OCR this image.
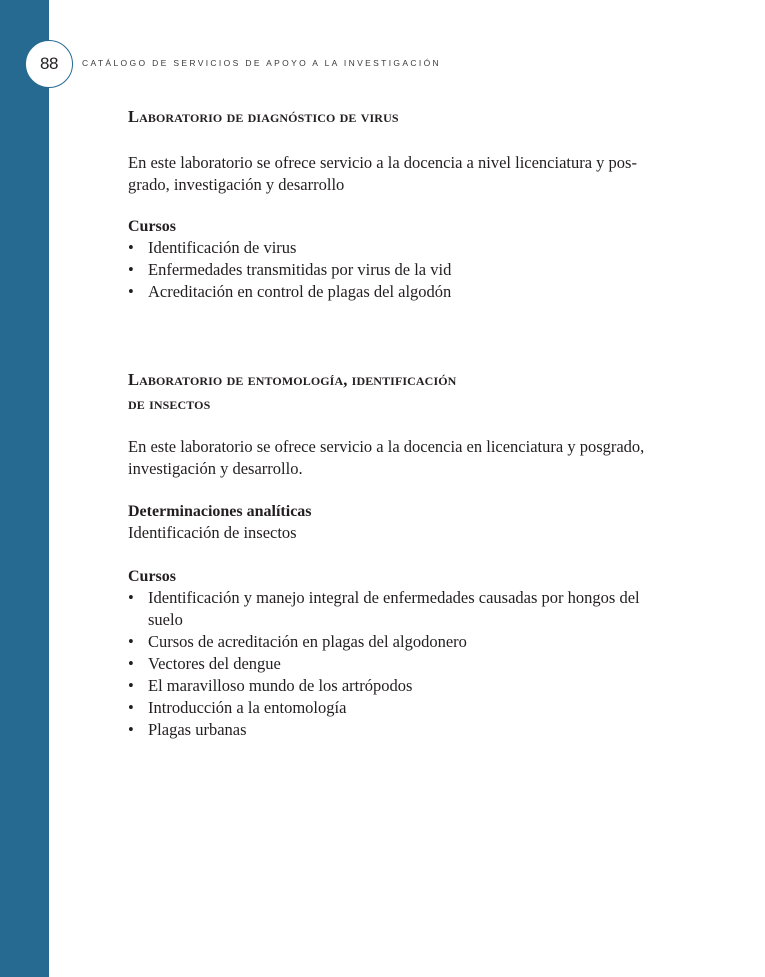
88	CATÁLOGO DE SERVICIOS DE APOYO A LA INVESTIGACIÓN
Laboratorio de diagnóstico de virus

En este laboratorio se ofrece servicio a la docencia a nivel licenciatura y pos-
grado, investigación y desarrollo

Cursos

• Identificación de virus
• Enfermedades transmitidas por virus de la vid
• Acreditación en control de plagas del algodón
Laboratorio de entomología, identificación
de insectos

En este laboratorio se ofrece servicio a la docencia en licenciatura y posgrado,
investigación y desarrollo.

Determinaciones analíticas

Identificación de insectos

Cursos

• Identificación y manejo integral de enfermedades causadas por hongos del suelo
• Cursos de acreditación en plagas del algodonero
• Vectores del dengue
• El maravilloso mundo de los artrópodos
• Introducción a la entomología
• Plagas urbanas
